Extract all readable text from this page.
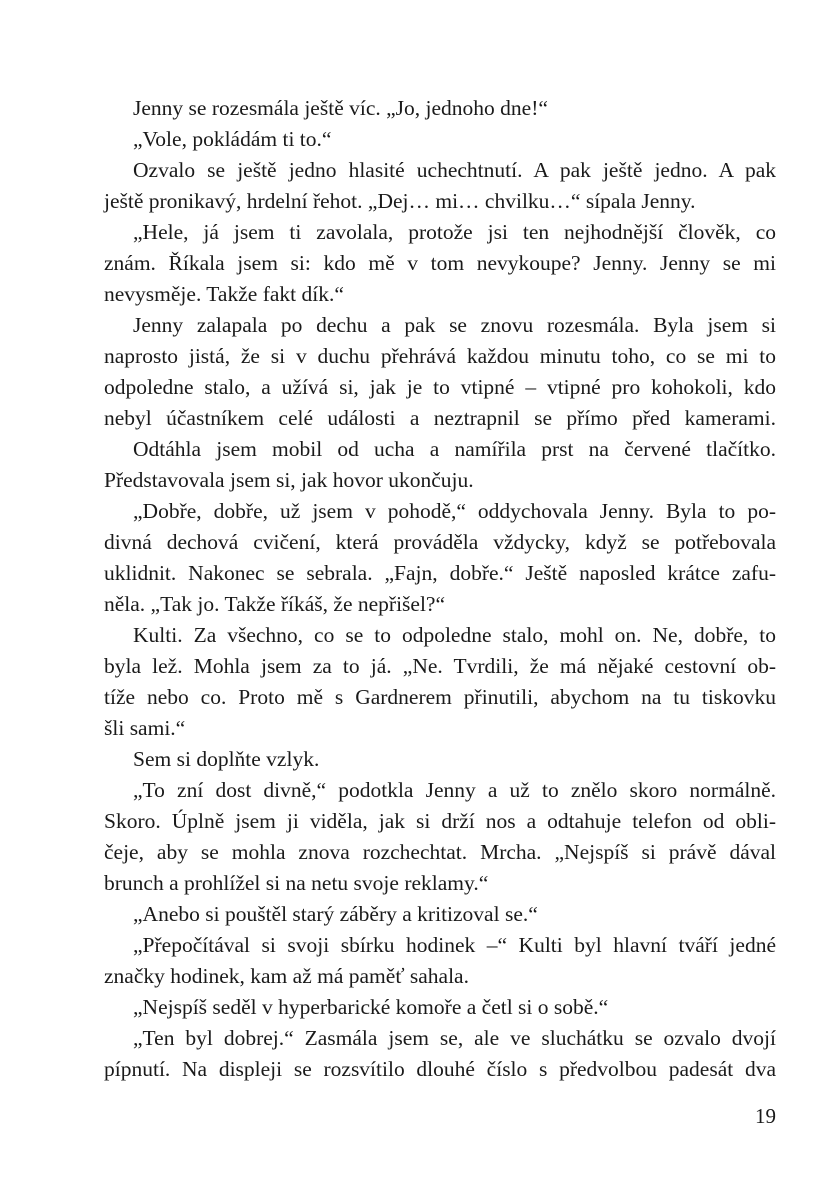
Jenny se rozesmála ještě víc. „Jo, jednoho dne!“
„Vole, pokládám ti to.“
Ozvalo se ještě jedno hlasité uchechtnutí. A pak ještě jedno. A pak
ještě pronikavý, hrdelní řehot. „Dej… mi… chvilku…“ sípala Jenny.
„Hele, já jsem ti zavolala, protože jsi ten nejhodnější člověk, co
znám. Říkala jsem si: kdo mě v tom nevykoupe? Jenny. Jenny se mi
nevysměje. Takže fakt dík.“
Jenny zalapala po dechu a pak se znovu rozesmála. Byla jsem si
naprosto jistá, že si v duchu přehrává každou minutu toho, co se mi to
odpoledne stalo, a užívá si, jak je to vtipné – vtipné pro kohokoli, kdo
nebyl účastníkem celé události a neztrapnil se přímo před kamerami.
Odtáhla jsem mobil od ucha a namířila prst na červené tlačítko.
Představovala jsem si, jak hovor ukončuju.
„Dobře, dobře, už jsem v pohodě,“ oddychovala Jenny. Byla to po-
divná dechová cvičení, která prováděla vždycky, když se potřebovala
uklidnit. Nakonec se sebrala. „Fajn, dobře.“ Ještě naposled krátce zafu-
něla. „Tak jo. Takže říkáš, že nepřišel?“
Kulti. Za všechno, co se to odpoledne stalo, mohl on. Ne, dobře, to
byla lež. Mohla jsem za to já. „Ne. Tvrdili, že má nějaké cestovní ob-
tíže nebo co. Proto mě s Gardnerem přinutili, abychom na tu tiskovku
šli sami.“
Sem si doplňte vzlyk.
„To zní dost divně,“ podotkla Jenny a už to znělo skoro normálně.
Skoro. Úplně jsem ji viděla, jak si drží nos a odtahuje telefon od obli-
čeje, aby se mohla znova rozchechtat. Mrcha. „Nejspíš si právě dával
brunch a prohlížel si na netu svoje reklamy.“
„Anebo si pouštěl starý záběry a kritizoval se.“
„Přepočítával si svoji sbírku hodinek –“ Kulti byl hlavní tváří jedné
značky hodinek, kam až má paměť sahala.
„Nejspíš seděl v hyperbarické komoře a četl si o sobě.“
„Ten byl dobrej.“ Zasmála jsem se, ale ve sluchátku se ozvalo dvojí
pípnutí. Na displeji se rozsvítilo dlouhé číslo s předvolbou padesát dva
19
